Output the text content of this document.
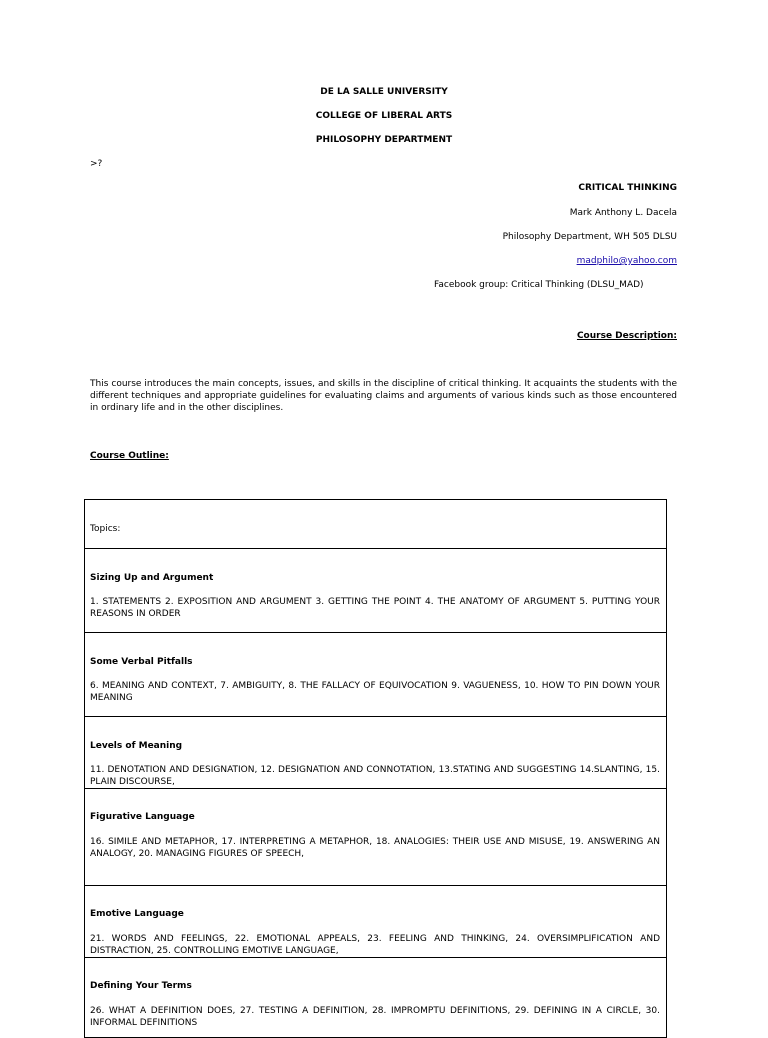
DE LA SALLE UNIVERSITY
COLLEGE OF LIBERAL ARTS
PHILOSOPHY DEPARTMENT
>?
CRITICAL THINKING
Mark Anthony L. Dacela
Philosophy Department, WH 505 DLSU
madphilo@yahoo.com
Facebook group: Critical Thinking (DLSU_MAD)
Course Description:
This course introduces the main concepts, issues, and skills in the discipline of critical thinking. It acquaints the students with the different techniques and appropriate guidelines for evaluating claims and arguments of various kinds such as those encountered in ordinary life and in the other disciplines.
Course Outline:
Topics:
Sizing Up and Argument
1. STATEMENTS 2. EXPOSITION AND ARGUMENT 3. GETTING THE POINT 4. THE ANATOMY OF ARGUMENT 5. PUTTING YOUR REASONS IN ORDER
Some Verbal Pitfalls
6. MEANING AND CONTEXT, 7. AMBIGUITY, 8. THE FALLACY OF EQUIVOCATION 9. VAGUENESS, 10. HOW TO PIN DOWN YOUR MEANING
Levels of Meaning
11. DENOTATION AND DESIGNATION, 12. DESIGNATION AND CONNOTATION, 13.STATING AND SUGGESTING 14.SLANTING, 15. PLAIN DISCOURSE,
Figurative Language
16. SIMILE AND METAPHOR, 17. INTERPRETING A METAPHOR, 18. ANALOGIES: THEIR USE AND MISUSE, 19. ANSWERING AN ANALOGY, 20. MANAGING FIGURES OF SPEECH,
Emotive Language
21. WORDS AND FEELINGS, 22. EMOTIONAL APPEALS, 23. FEELING AND THINKING, 24. OVERSIMPLIFICATION AND DISTRACTION, 25. CONTROLLING EMOTIVE LANGUAGE,
Defining Your Terms
26. WHAT A DEFINITION DOES, 27. TESTING A DEFINITION, 28. IMPROMPTU DEFINITIONS, 29. DEFINING IN A CIRCLE, 30. INFORMAL DEFINITIONS
